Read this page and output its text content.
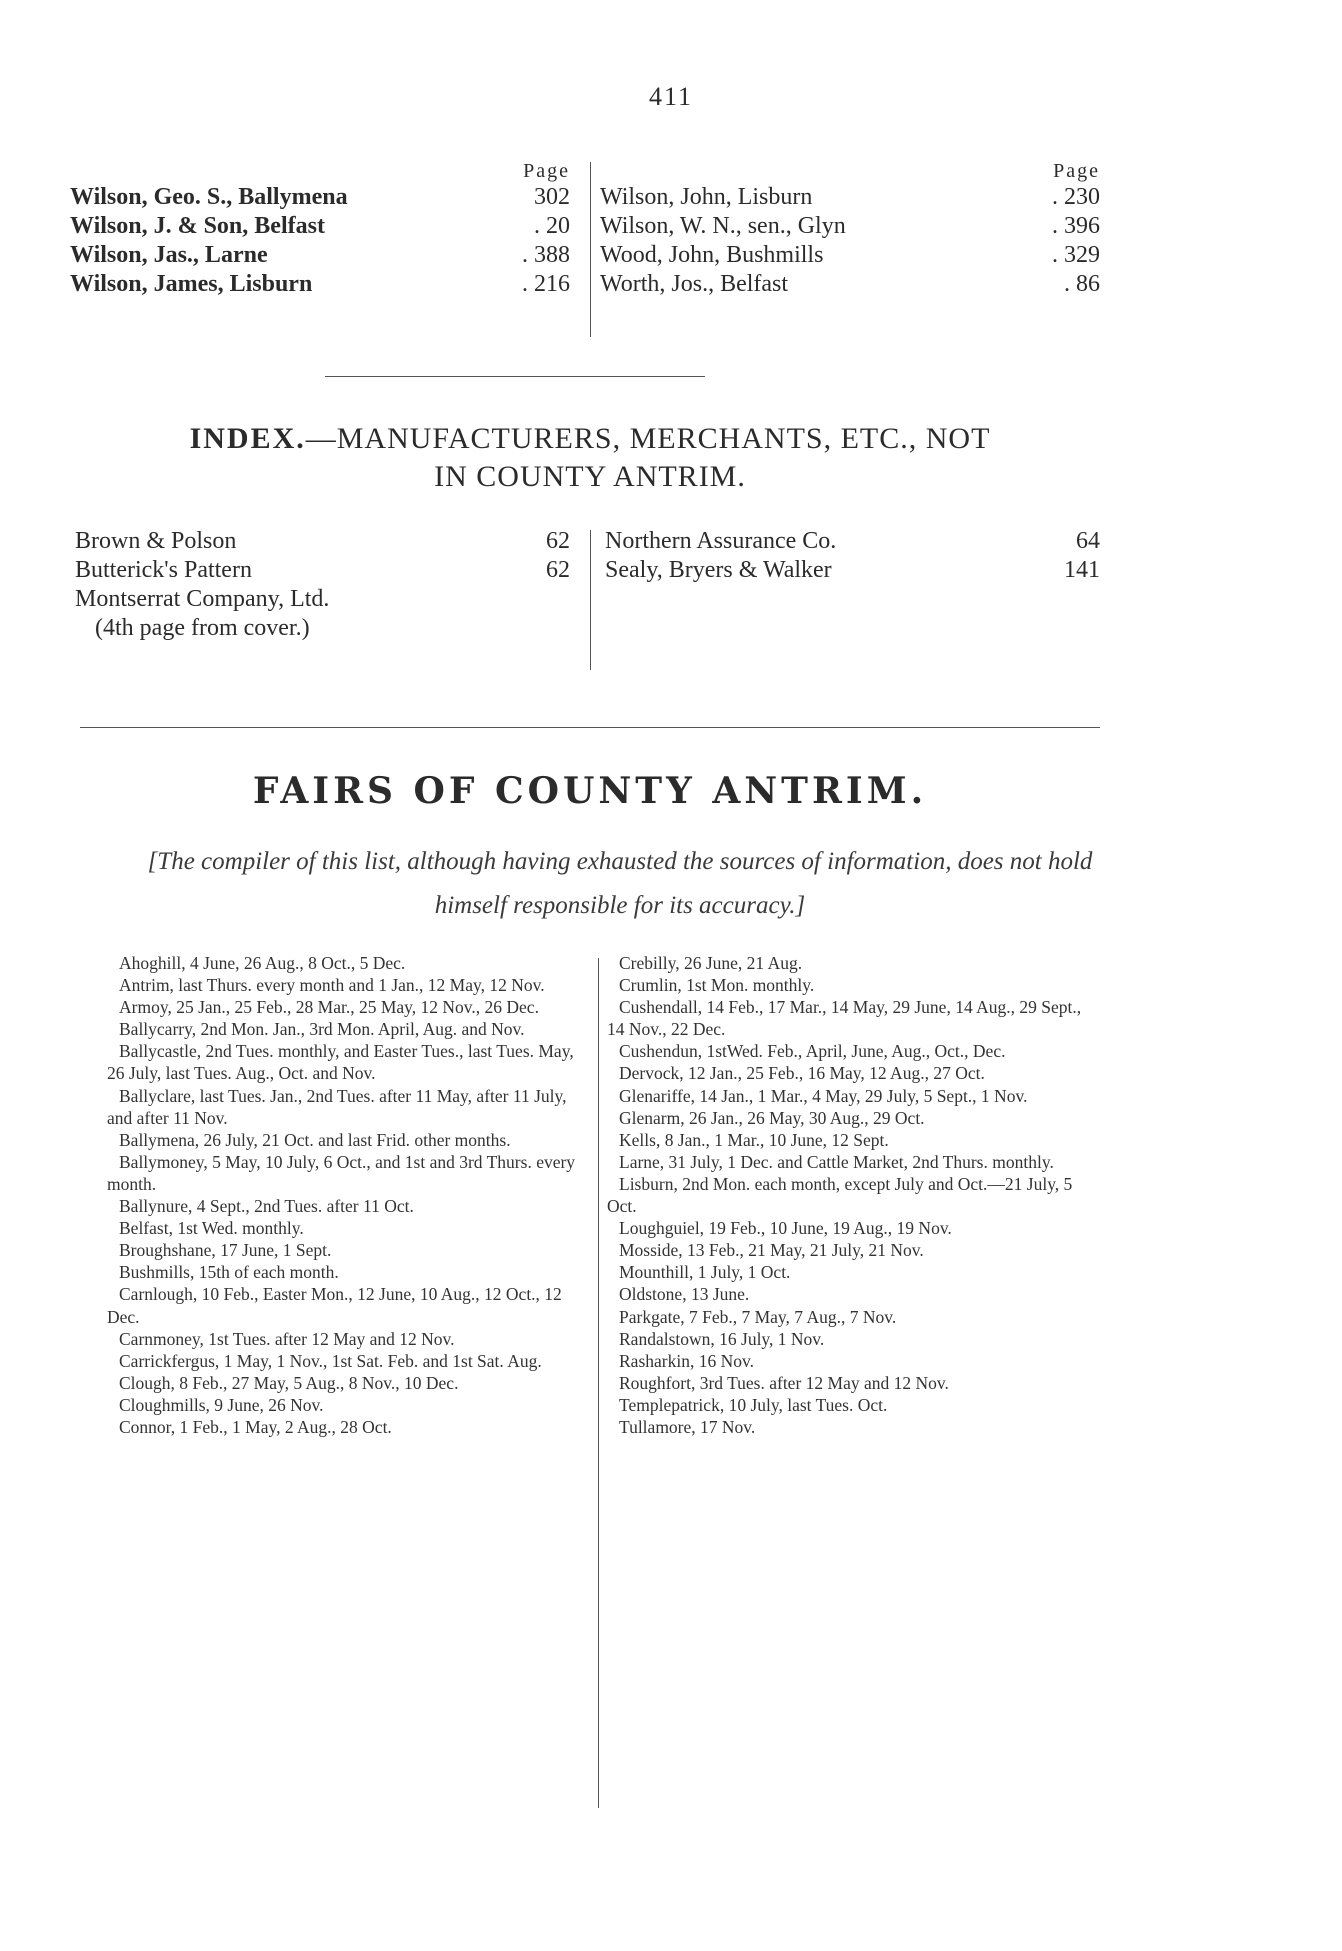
411
Page
Wilson, Geo. S., Ballymena	302
Wilson, J. & Son, Belfast	. 20
Wilson, Jas., Larne	. 388
Wilson, James, Lisburn	. 216
Page
Wilson, John, Lisburn	. 230
Wilson, W. N., sen., Glyn	. 396
Wood, John, Bushmills	. 329
Worth, Jos., Belfast	. 86
INDEX.—MANUFACTURERS, MERCHANTS, ETC., NOT
IN COUNTY ANTRIM.
Brown & Polson	62
Butterick's Pattern	62
Montserrat Company, Ltd.
(4th page from cover.)
Northern Assurance Co.	64
Sealy, Bryers & Walker	141
FAIRS OF COUNTY ANTRIM.
[The compiler of this list, although having exhausted the sources of information, does not hold himself responsible for its accuracy.]

Ahoghill, 4 June, 26 Aug., 8 Oct., 5 Dec.

Antrim, last Thurs. every month and 1 Jan., 12 May, 12 Nov.

Armoy, 25 Jan., 25 Feb., 28 Mar., 25 May, 12 Nov., 26 Dec.

Ballycarry, 2nd Mon. Jan., 3rd Mon. April, Aug. and Nov.

Ballycastle, 2nd Tues. monthly, and Easter Tues., last Tues. May, 26 July, last Tues. Aug., Oct. and Nov.

Ballyclare, last Tues. Jan., 2nd Tues. after 11 May, after 11 July, and after 11 Nov.

Ballymena, 26 July, 21 Oct. and last Frid. other months.

Ballymoney, 5 May, 10 July, 6 Oct., and 1st and 3rd Thurs. every month.

Ballynure, 4 Sept., 2nd Tues. after 11 Oct.

Belfast, 1st Wed. monthly.

Broughshane, 17 June, 1 Sept.

Bushmills, 15th of each month.

Carnlough, 10 Feb., Easter Mon., 12 June, 10 Aug., 12 Oct., 12 Dec.

Carnmoney, 1st Tues. after 12 May and 12 Nov.

Carrickfergus, 1 May, 1 Nov., 1st Sat. Feb. and 1st Sat. Aug.

Clough, 8 Feb., 27 May, 5 Aug., 8 Nov., 10 Dec.

Cloughmills, 9 June, 26 Nov.

Connor, 1 Feb., 1 May, 2 Aug., 28 Oct.

Crebilly, 26 June, 21 Aug.

Crumlin, 1st Mon. monthly.

Cushendall, 14 Feb., 17 Mar., 14 May, 29 June, 14 Aug., 29 Sept., 14 Nov., 22 Dec.

Cushendun, 1stWed. Feb., April, June, Aug., Oct., Dec.

Dervock, 12 Jan., 25 Feb., 16 May, 12 Aug., 27 Oct.

Glenariffe, 14 Jan., 1 Mar., 4 May, 29 July, 5 Sept., 1 Nov.

Glenarm, 26 Jan., 26 May, 30 Aug., 29 Oct.

Kells, 8 Jan., 1 Mar., 10 June, 12 Sept.

Larne, 31 July, 1 Dec. and Cattle Market, 2nd Thurs. monthly.

Lisburn, 2nd Mon. each month, except July and Oct.—21 July, 5 Oct.

Loughguiel, 19 Feb., 10 June, 19 Aug., 19 Nov.

Mosside, 13 Feb., 21 May, 21 July, 21 Nov.

Mounthill, 1 July, 1 Oct.

Oldstone, 13 June.

Parkgate, 7 Feb., 7 May, 7 Aug., 7 Nov.

Randalstown, 16 July, 1 Nov.

Rasharkin, 16 Nov.

Roughfort, 3rd Tues. after 12 May and 12 Nov.

Templepatrick, 10 July, last Tues. Oct.

Tullamore, 17 Nov.
